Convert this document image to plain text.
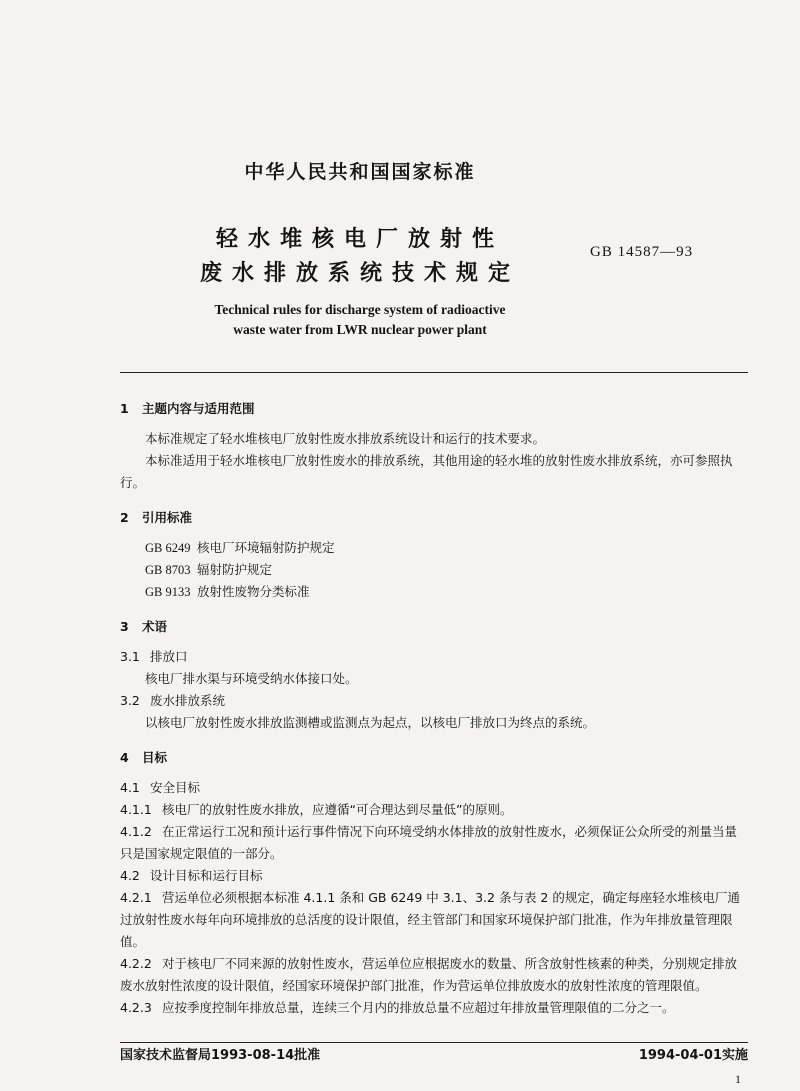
中华人民共和国国家标准
轻水堆核电厂放射性
废水排放系统技术规定
GB 14587—93
Technical rules for discharge system of radioactive
waste water from LWR nuclear power plant

1 主题内容与适用范围

本标准规定了轻水堆核电厂放射性废水排放系统设计和运行的技术要求。

本标准适用于轻水堆核电厂放射性废水的排放系统，其他用途的轻水堆的放射性废水排放系统，亦可参照执行。

2 引用标准

GB 6249 核电厂环境辐射防护规定

GB 8703 辐射防护规定

GB 9133 放射性废物分类标准

3 术语

3.1 排放口

核电厂排水渠与环境受纳水体接口处。

3.2 废水排放系统

以核电厂放射性废水排放监测槽或监测点为起点，以核电厂排放口为终点的系统。

4 目标

4.1 安全目标

4.1.1 核电厂的放射性废水排放，应遵循“可合理达到尽量低”的原则。

4.1.2 在正常运行工况和预计运行事件情况下向环境受纳水体排放的放射性废水，必须保证公众所受的剂量当量只是国家规定限值的一部分。

4.2 设计目标和运行目标

4.2.1 营运单位必须根据本标准 4.1.1 条和 GB 6249 中 3.1、3.2 条与表 2 的规定，确定每座轻水堆核电厂通过放射性废水每年向环境排放的总活度的设计限值，经主管部门和国家环境保护部门批准，作为年排放量管理限值。

4.2.2 对于核电厂不同来源的放射性废水，营运单位应根据废水的数量、所含放射性核素的种类，分别规定排放废水放射性浓度的设计限值，经国家环境保护部门批准，作为营运单位排放废水的放射性浓度的管理限值。

4.2.3 应按季度控制年排放总量，连续三个月内的排放总量不应超过年排放量管理限值的二分之一。

国家技术监督局1993-08-14批准	1994-04-01实施
1
